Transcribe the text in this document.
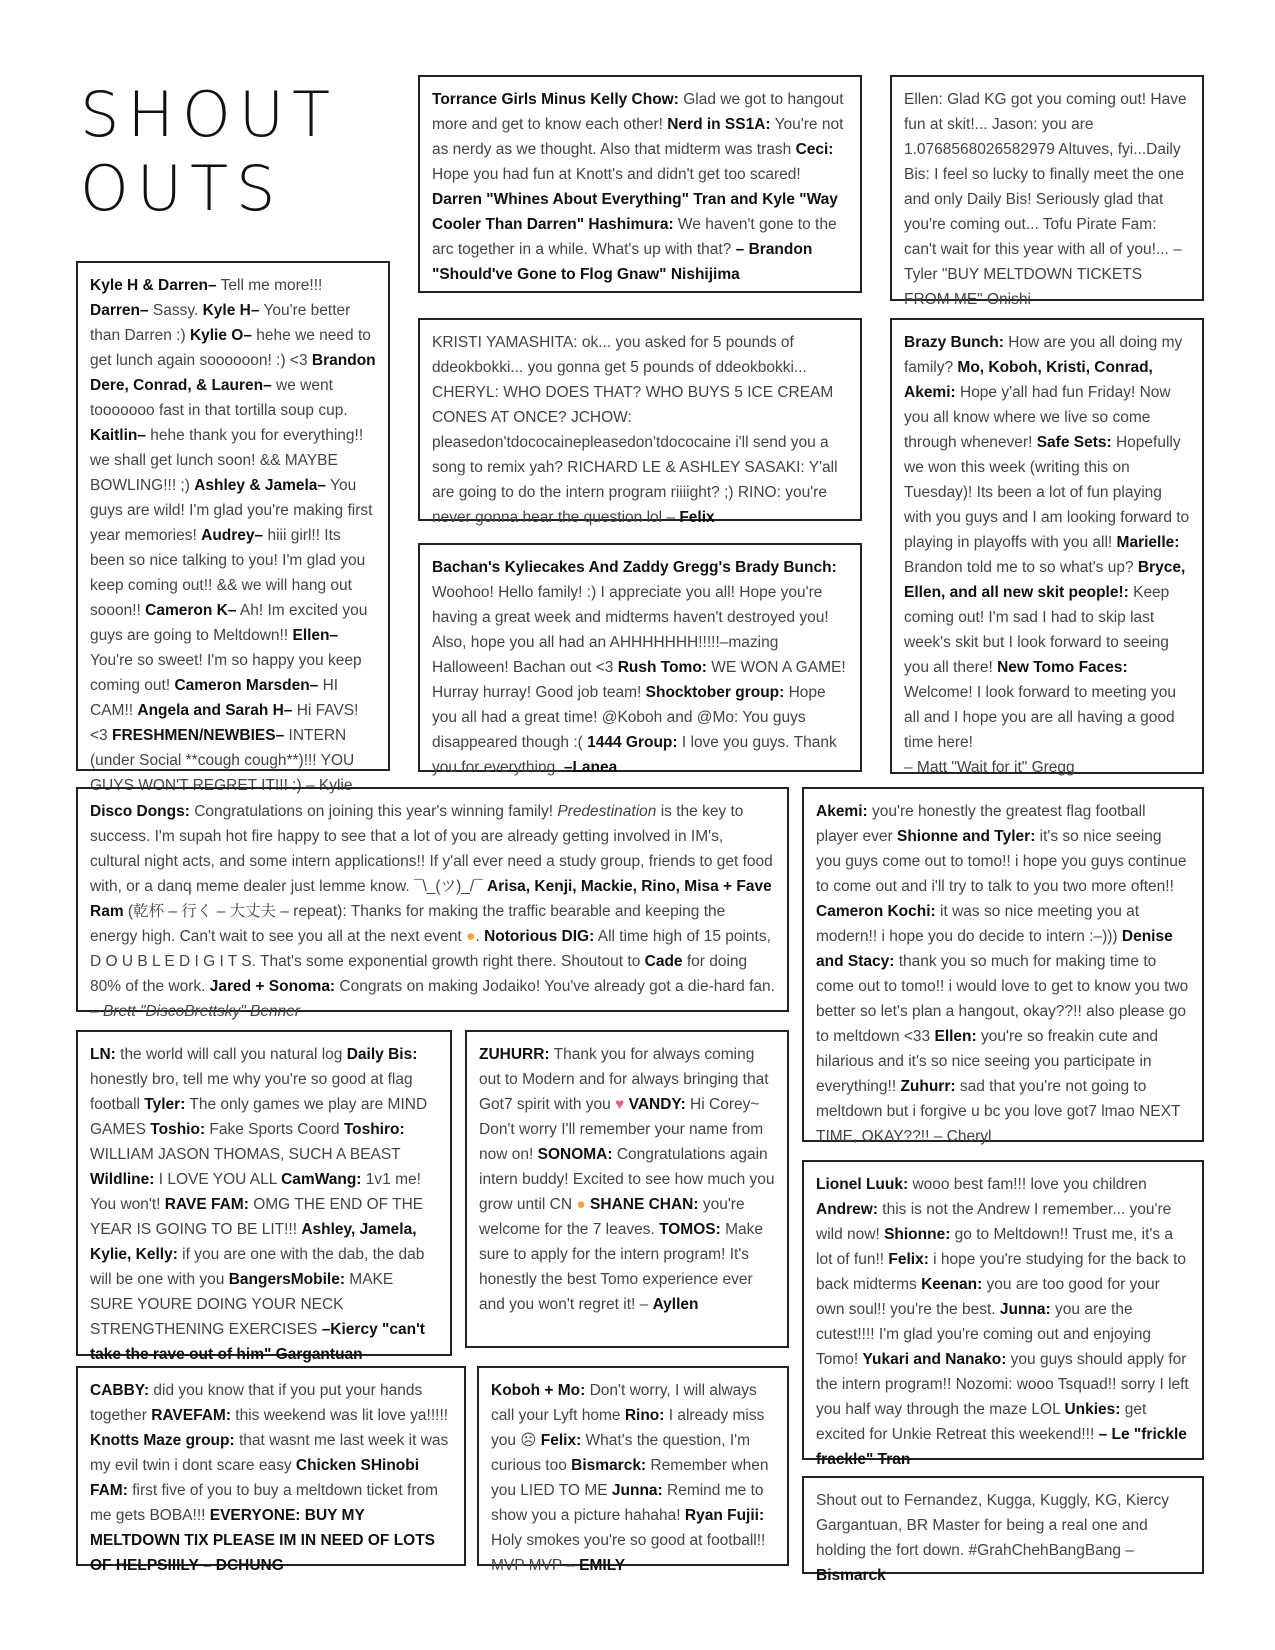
SHOUT
OUTS
Torrance Girls Minus Kelly Chow: Glad we got to hangout more and get to know each other! Nerd in SS1A: You're not as nerdy as we thought. Also that midterm was trash Ceci: Hope you had fun at Knott's and didn't get too scared! Darren "Whines About Everything" Tran and Kyle "Way Cooler Than Darren" Hashimura: We haven't gone to the arc together in a while. What's up with that? – Brandon "Should've Gone to Flog Gnaw" Nishijima
Ellen: Glad KG got you coming out! Have fun at skit!... Jason: you are 1.0768568026582979 Altuves, fyi...Daily Bis: I feel so lucky to finally meet the one and only Daily Bis! Seriously glad that you're coming out... Tofu Pirate Fam: can't wait for this year with all of you!... –Tyler "BUY MELTDOWN TICKETS FROM ME" Onishi
Kyle H & Darren– Tell me more!!! Darren– Sassy. Kyle H– You're better than Darren :) Kylie O– hehe we need to get lunch again soooooon! :) <3 Brandon Dere, Conrad, & Lauren– we went tooooooo fast in that tortilla soup cup. Kaitlin– hehe thank you for everything!! we shall get lunch soon! && MAYBE BOWLING!!! ;) Ashley & Jamela– You guys are wild! I'm glad you're making first year memories! Audrey– hiii girl!! Its been so nice talking to you! I'm glad you keep coming out!! && we will hang out sooon!! Cameron K– Ah! Im excited you guys are going to Meltdown!! Ellen– You're so sweet! I'm so happy you keep coming out! Cameron Marsden– HI CAM!! Angela and Sarah H– Hi FAVS! <3 FRESHMEN/NEWBIES– INTERN (under Social **cough cough**)!!! YOU GUYS WON'T REGRET IT!!! :) – Kylie
KRISTI YAMASHITA: ok... you asked for 5 pounds of ddeokbokki... you gonna get 5 pounds of ddeokbokki... CHERYL: WHO DOES THAT? WHO BUYS 5 ICE CREAM CONES AT ONCE? JCHOW: pleasedon'tdococainepleasedon'tdococaine i'll send you a song to remix yah? RICHARD LE & ASHLEY SASAKI: Y'all are going to do the intern program riiiight? ;) RINO: you're never gonna hear the question lol – Felix
Brazy Bunch: How are you all doing my family? Mo, Koboh, Kristi, Conrad, Akemi: Hope y'all had fun Friday! Now you all know where we live so come through whenever! Safe Sets: Hopefully we won this week (writing this on Tuesday)! Its been a lot of fun playing with you guys and I am looking forward to playing in playoffs with you all! Marielle: Brandon told me to so what's up? Bryce, Ellen, and all new skit people!: Keep coming out! I'm sad I had to skip last week's skit but I look forward to seeing you all there! New Tomo Faces: Welcome! I look forward to meeting you all and I hope you are all having a good time here!
– Matt "Wait for it" Gregg
Bachan's Kyliecakes And Zaddy Gregg's Brady Bunch: Woohoo! Hello family! :) I appreciate you all! Hope you're having a great week and midterms haven't destroyed you! Also, hope you all had an AHHHHHHH!!!!!–mazing Halloween! Bachan out <3 Rush Tomo: WE WON A GAME! Hurray hurray! Good job team! Shocktober group: Hope you all had a great time! @Koboh and @Mo: You guys disappeared though :( 1444 Group: I love you guys. Thank you for everything. –Lanea
Disco Dongs: Congratulations on joining this year's winning family! Predestination is the key to success. I'm supah hot fire happy to see that a lot of you are already getting involved in IM's, cultural night acts, and some intern applications!! If y'all ever need a study group, friends to get food with, or a danq meme dealer just lemme know. ¯\_(ツ)_/¯ Arisa, Kenji, Mackie, Rino, Misa + Fave Ram (乾杯 – 行く – 大丈夫 – repeat): Thanks for making the traffic bearable and keeping the energy high. Can't wait to see you all at the next event ●. Notorious DIG: All time high of 15 points, D O U B L E D I G I T S. That's some exponential growth right there. Shoutout to Cade for doing 80% of the work. Jared + Sonoma: Congrats on making Jodaiko! You've already got a die-hard fan. – Brett "DiscoBrettsky" Benner
Akemi: you're honestly the greatest flag football player ever Shionne and Tyler: it's so nice seeing you guys come out to tomo!! i hope you guys continue to come out and i'll try to talk to you two more often!! Cameron Kochi: it was so nice meeting you at modern!! i hope you do decide to intern :–))) Denise and Stacy: thank you so much for making time to come out to tomo!! i would love to get to know you two better so let's plan a hangout, okay??!! also please go to meltdown <33 Ellen: you're so freakin cute and hilarious and it's so nice seeing you participate in everything!! Zuhurr: sad that you're not going to meltdown but i forgive u bc you love got7 lmao NEXT TIME, OKAY??!! – Cheryl
LN: the world will call you natural log Daily Bis: honestly bro, tell me why you're so good at flag football Tyler: The only games we play are MIND GAMES Toshio: Fake Sports Coord Toshiro: WILLIAM JASON THOMAS, SUCH A BEAST Wildline: I LOVE YOU ALL CamWang: 1v1 me! You won't! RAVE FAM: OMG THE END OF THE YEAR IS GOING TO BE LIT!!! Ashley, Jamela, Kylie, Kelly: if you are one with the dab, the dab will be one with you BangersMobile: MAKE SURE YOURE DOING YOUR NECK STRENGTHENING EXERCISES –Kiercy "can't take the rave out of him" Gargantuan
ZUHURR: Thank you for always coming out to Modern and for always bringing that Got7 spirit with you ♥ VANDY: Hi Corey~ Don't worry I'll remember your name from now on! SONOMA: Congratulations again intern buddy! Excited to see how much you grow until CN ● SHANE CHAN: you're welcome for the 7 leaves. TOMOS: Make sure to apply for the intern program! It's honestly the best Tomo experience ever and you won't regret it! – Ayllen
Lionel Luuk: wooo best fam!!! love you children Andrew: this is not the Andrew I remember... you're wild now! Shionne: go to Meltdown!! Trust me, it's a lot of fun!! Felix: i hope you're studying for the back to back midterms Keenan: you are too good for your own soul!! you're the best. Junna: you are the cutest!!!! I'm glad you're coming out and enjoying Tomo! Yukari and Nanako: you guys should apply for the intern program!! Nozomi: wooo Tsquad!! sorry I left you half way through the maze LOL Unkies: get excited for Unkie Retreat this weekend!!! – Le "frickle frackle" Tran
CABBY: did you know that if you put your hands together RAVEFAM: this weekend was lit love ya!!!!! Knotts Maze group: that wasnt me last week it was my evil twin i dont scare easy Chicken SHinobi FAM: first five of you to buy a meltdown ticket from me gets BOBA!!! EVERYONE: BUY MY MELTDOWN TIX PLEASE IM IN NEED OF LOTS OF HELPSIIILY – DCHUNG
Koboh + Mo: Don't worry, I will always call your Lyft home Rino: I already miss you ☹ Felix: What's the question, I'm curious too Bismarck: Remember when you LIED TO ME Junna: Remind me to show you a picture hahaha! Ryan Fujii: Holy smokes you're so good at football!! MVP MVP – EMILY
Shout out to Fernandez, Kugga, Kuggly, KG, Kiercy Gargantuan, BR Master for being a real one and holding the fort down. #GrahChehBangBang – Bismarck
